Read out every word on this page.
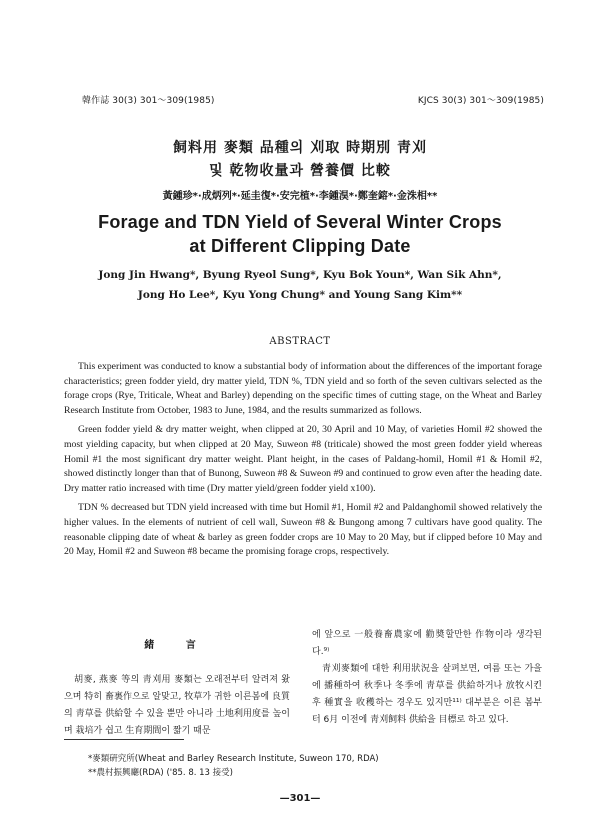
韓作誌 30(3) 301～309(1985)	KJCS 30(3) 301～309(1985)
飼料用 麥類 品種의 刈取 時期別 靑刈
및 乾物收量과 營養價 比較
黃鍾珍*·成炳列*·延圭復*·安完植*·李鍾淏*·鄭奎鎔*·金洙相**
Forage and TDN Yield of Several Winter Crops
at Different Clipping Date
Jong Jin Hwang*, Byung Ryeol Sung*, Kyu Bok Youn*, Wan Sik Ahn*,
Jong Ho Lee*, Kyu Yong Chung* and Young Sang Kim**
ABSTRACT

This experiment was conducted to know a substantial body of information about the differences of the important forage characteristics; green fodder yield, dry matter yield, TDN %, TDN yield and so forth of the seven cultivars selected as the forage crops (Rye, Triticale, Wheat and Barley) depending on the specific times of cutting stage, on the Wheat and Barley Research Institute from October, 1983 to June, 1984, and the results summarized as follows.

Green fodder yield & dry matter weight, when clipped at 20, 30 April and 10 May, of varieties Homil #2 showed the most yielding capacity, but when clipped at 20 May, Suweon #8 (triticale) showed the most green fodder yield whereas Homil #1 the most significant dry matter weight. Plant height, in the cases of Paldang-homil, Homil #1 & Homil #2, showed distinctly longer than that of Bunong, Suweon #8 & Suweon #9 and continued to grow even after the heading date. Dry matter ratio increased with time (Dry matter yield/green fodder yield x100).

TDN % decreased but TDN yield increased with time but Homil #1, Homil #2 and Paldanghomil showed relatively the higher values. In the elements of nutrient of cell wall, Suweon #8 & Bungong among 7 cultivars have good quality. The reasonable clipping date of wheat & barley as green fodder crops are 10 May to 20 May, but if clipped before 10 May and 20 May, Homil #2 and Suweon #8 became the promising forage crops, respectively.

緒 言

胡麥, 燕麥 等의 靑刈用 麥類는 오래전부터 알려져 왔으며 特히 畜裏作으로 알맞고, 牧草가 귀한 이른봄에 良質의 靑草를 供給할 수 있을 뿐만 아니라 土地利用度를 높이며 栽培가 쉽고 生育期間이 짧기 때문

에 앞으로 一般養畜農家에 勸奬할만한 作物이라 생각된다.⁹⁾

靑刈麥類에 대한 利用狀況을 살펴보면, 여름 또는 가을에 播種하여 秋季나 冬季에 靑草를 供給하거나 放牧시킨 후 種實을 收穫하는 경우도 있지만¹¹⁾ 대부분은 이른 봄부터 6月 이전에 靑刈飼料 供給을 目標로 하고 있다.

*麥類硏究所(Wheat and Barley Research Institute, Suweon 170, RDA)
**農村振興廳(RDA) ('85. 8. 13 接受)
—301—
